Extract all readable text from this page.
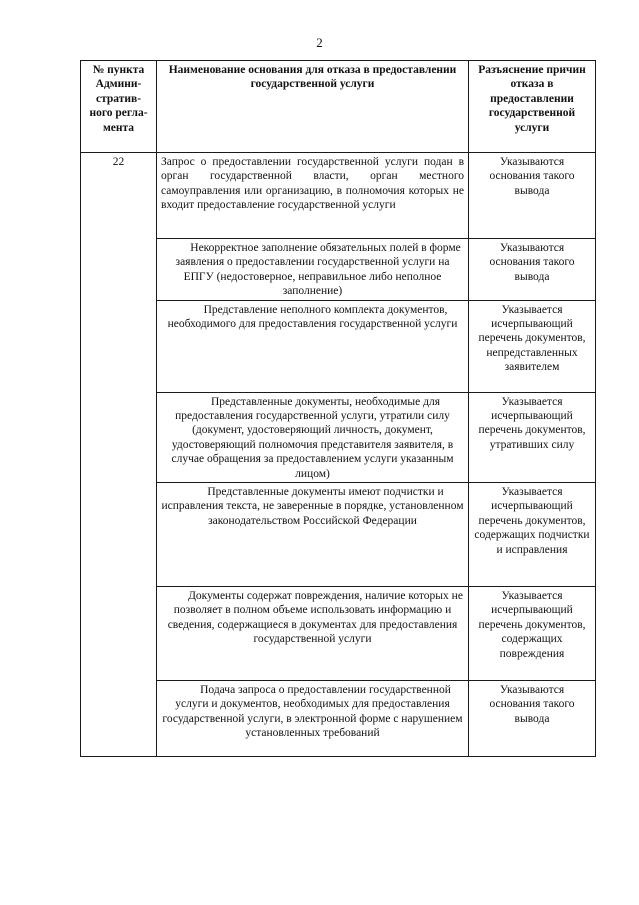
2
№ пункта Админи-стратив-ного регла-мента	Наименование основания для отказа в предоставлении государственной услуги	Разъяснение причин отказа в предоставлении государственной услуги
22	Запрос о предоставлении государственной услуги подан в орган государственной власти, орган местного самоуправления или организацию, в полномочия которых не входит предоставление государственной услуги	Указываются основания такого вывода
	Некорректное заполнение обязательных полей в форме заявления о предоставлении государственной услуги на ЕПГУ (недостоверное, неправильное либо неполное заполнение)	Указываются основания такого вывода
	Представление неполного комплекта документов, необходимого для предоставления государственной услуги	Указывается исчерпывающий перечень документов, непредставленных заявителем
	Представленные документы, необходимые для предоставления государственной услуги, утратили силу (документ, удостоверяющий личность, документ, удостоверяющий полномочия представителя заявителя, в случае обращения за предоставлением услуги указанным лицом)	Указывается исчерпывающий перечень документов, утративших силу
	Представленные документы имеют подчистки и исправления текста, не заверенные в порядке, установленном законодательством Российской Федерации	Указывается исчерпывающий перечень документов, содержащих подчистки и исправления
	Документы содержат повреждения, наличие которых не позволяет в полном объеме использовать информацию и сведения, содержащиеся в документах для предоставления государственной услуги	Указывается исчерпывающий перечень документов, содержащих повреждения
	Подача запроса о предоставлении государственной услуги и документов, необходимых для предоставления государственной услуги, в электронной форме с нарушением установленных требований	Указываются основания такого вывода
